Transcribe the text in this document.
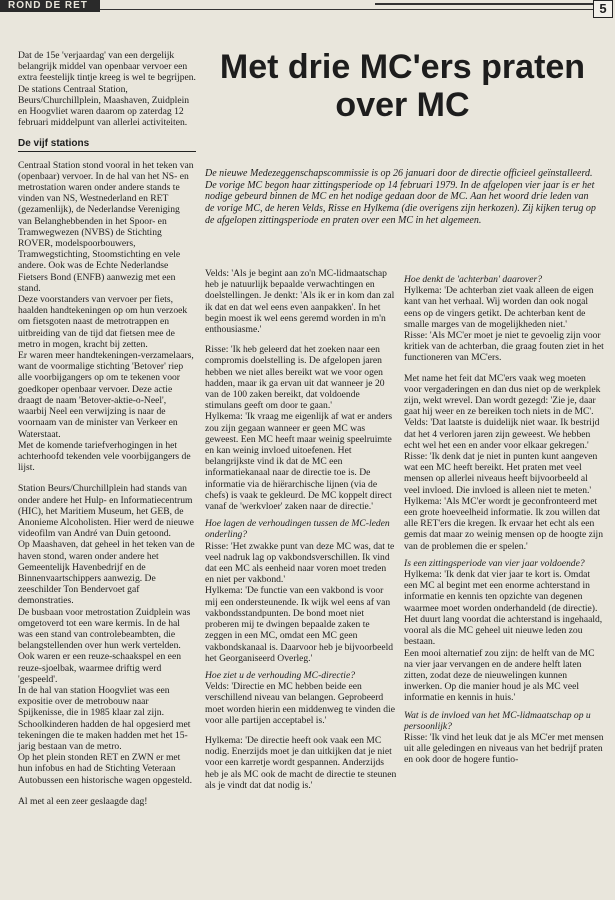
ROND DE RET	5

Dat de 15e 'verjaardag' van een dergelijk belangrijk middel van openbaar vervoer een extra feestelijk tintje kreeg is wel te begrijpen.

De stations Centraal Station, Beurs/Churchillplein, Maashaven, Zuidplein en Hoogvliet waren daarom op zaterdag 12 februari middelpunt van allerlei activiteiten.

De vijf stations

Centraal Station stond vooral in het teken van (openbaar) vervoer. In de hal van het NS- en metrostation waren onder andere stands te vinden van NS, Westnederland en RET (gezamenlijk), de Nederlandse Vereniging van Belanghebbenden in het Spoor- en Tramwegwezen (NVBS) de Stichting ROVER, modelspoorbouwers, Tramwegstichting, Stoomstichting en vele andere. Ook was de Echte Nederlandse Fietsers Bond (ENFB) aanwezig met een stand.

Deze voorstanders van vervoer per fiets, haalden handtekeningen op om hun verzoek om fietsgoten naast de metrotrappen en uitbreiding van de tijd dat fietsen mee de metro in mogen, kracht bij zetten.

Er waren meer handtekeningen-verzamelaars, want de voormalige stichting 'Betover' riep alle voorbijgangers op om te tekenen voor goedkoper openbaar vervoer. Deze actie draagt de naam 'Betover-aktie-o-Neel', waarbij Neel een verwijzing is naar de voornaam van de minister van Verkeer en Waterstaat.

Met de komende tariefverhogingen in het achterhoofd tekenden vele voorbijgangers de lijst.

Station Beurs/Churchillplein had stands van onder andere het Hulp- en Informatiecentrum (HIC), het Maritiem Museum, het GEB, de Anonieme Alcoholisten. Hier werd de nieuwe videofilm van André van Duin getoond.

Op Maashaven, dat geheel in het teken van de haven stond, waren onder andere het Gemeentelijk Havenbedrijf en de Binnenvaartschippers aanwezig. De zeeschilder Ton Bendervoet gaf demonstraties.

De busbaan voor metrostation Zuidplein was omgetoverd tot een ware kermis. In de hal was een stand van controlebeambten, die belangstellenden over hun werk vertelden. Ook waren er een reuze-schaakspel en een reuze-sjoelbak, waarmee driftig werd 'gespeeld'.

In de hal van station Hoogvliet was een expositie over de metrobouw naar Spijkenisse, die in 1985 klaar zal zijn. Schoolkinderen hadden de hal opgesierd met tekeningen die te maken hadden met het 15-jarig bestaan van de metro.

Op het plein stonden RET en ZWN er met hun infobus en had de Stichting Veteraan Autobussen een historische wagen opgesteld.

Al met al een zeer geslaagde dag!

Met drie MC'ers praten over MC

De nieuwe Medezeggenschapscommissie is op 26 januari door de directie officieel geïnstalleerd.

De vorige MC begon haar zittingsperiode op 14 februari 1979. In de afgelopen vier jaar is er het nodige gebeurd binnen de MC en het nodige gedaan door de MC. Aan het woord drie leden van de vorige MC, de heren Velds, Risse en Hylkema (die overigens zijn herkozen). Zij kijken terug op de afgelopen zittingsperiode en praten over een MC in het algemeen.

Velds: 'Als je begint aan zo'n MC-lidmaatschap heb je natuurlijk bepaalde verwachtingen en doelstellingen. Je denkt: 'Als ik er in kom dan zal ik dat en dat wel eens even aanpakken'. In het begin moest ik wel eens geremd worden in m'n enthousiasme.'

Risse: 'Ik heb geleerd dat het zoeken naar een compromis doelstelling is. De afgelopen jaren hebben we niet alles bereikt wat we voor ogen hadden, maar ik ga ervan uit dat wanneer je 20 van de 100 zaken bereikt, dat voldoende stimulans geeft om door te gaan.'

Hylkema: 'Ik vraag me eigenlijk af wat er anders zou zijn gegaan wanneer er geen MC was geweest. Een MC heeft maar weinig speelruimte en kan weinig invloed uitoefenen. Het belangrijkste vind ik dat de MC een informatiekanaal naar de directie toe is. De informatie via de hiërarchische lijnen (via de chefs) is vaak te gekleurd. De MC koppelt direct vanaf de 'werkvloer' zaken naar de directie.'

Hoe lagen de verhoudingen tussen de MC-leden onderling?

Risse: 'Het zwakke punt van deze MC was, dat te veel nadruk lag op vakbondsverschillen. Ik vind dat een MC als eenheid naar voren moet treden en niet per vakbond.'

Hylkema: 'De functie van een vakbond is voor mij een ondersteunende. Ik wijk wel eens af van vakbondsstandpunten. De bond moet niet proberen mij te dwingen bepaalde zaken te zeggen in een MC, omdat een MC geen vakbondskanaal is. Daarvoor heb je bijvoorbeeld het Georganiseerd Overleg.'

Hoe ziet u de verhouding MC-directie?

Velds: 'Directie en MC hebben beide een verschillend niveau van belangen. Geprobeerd moet worden hierin een middenweg te vinden die voor alle partijen acceptabel is.'

Hylkema: 'De directie heeft ook vaak een MC nodig. Enerzijds moet je dan uitkijken dat je niet voor een karretje wordt gespannen. Anderzijds heb je als MC ook de macht de directie te steunen als je vindt dat dat nodig is.'

Hoe denkt de 'achterban' daarover?

Hylkema: 'De achterban ziet vaak alleen de eigen kant van het verhaal. Wij worden dan ook nogal eens op de vingers getikt. De achterban kent de smalle marges van de mogelijkheden niet.'

Risse: 'Als MC'er moet je niet te gevoelig zijn voor kritiek van de achterban, die graag fouten ziet in het functioneren van MC'ers.

Met name het feit dat MC'ers vaak weg moeten voor vergaderingen en dan dus niet op de werkplek zijn, wekt wrevel. Dan wordt gezegd: 'Zie je, daar gaat hij weer en ze bereiken toch niets in de MC'.

Velds: 'Dat laatste is duidelijk niet waar. Ik bestrijd dat het 4 verloren jaren zijn geweest. We hebben echt wel het een en ander voor elkaar gekregen.'

Risse: 'Ik denk dat je niet in punten kunt aangeven wat een MC heeft bereikt. Het praten met veel mensen op allerlei niveaus heeft bijvoorbeeld al veel invloed. Die invloed is alleen niet te meten.'

Hylkema: 'Als MC'er wordt je geconfronteerd met een grote hoeveelheid informatie. Ik zou willen dat alle RET'ers die kregen. Ik ervaar het echt als een gemis dat maar zo weinig mensen op de hoogte zijn van de problemen die er spelen.'

Is een zittingsperiode van vier jaar voldoende?

Hylkema: 'Ik denk dat vier jaar te kort is. Omdat een MC al begint met een enorme achterstand in informatie en kennis ten opzichte van degenen waarmee moet worden onderhandeld (de directie). Het duurt lang voordat die achterstand is ingehaald, vooral als die MC geheel uit nieuwe leden zou bestaan.

Een mooi alternatief zou zijn: de helft van de MC na vier jaar vervangen en de andere helft laten zitten, zodat deze de nieuwelingen kunnen inwerken. Op die manier houd je als MC veel informatie en kennis in huis.'

Wat is de invloed van het MC-lidmaatschap op u persoonlijk?

Risse: 'Ik vind het leuk dat je als MC'er met mensen uit alle geledingen en niveaus van het bedrijf praten en ook door de hogere funtio-
